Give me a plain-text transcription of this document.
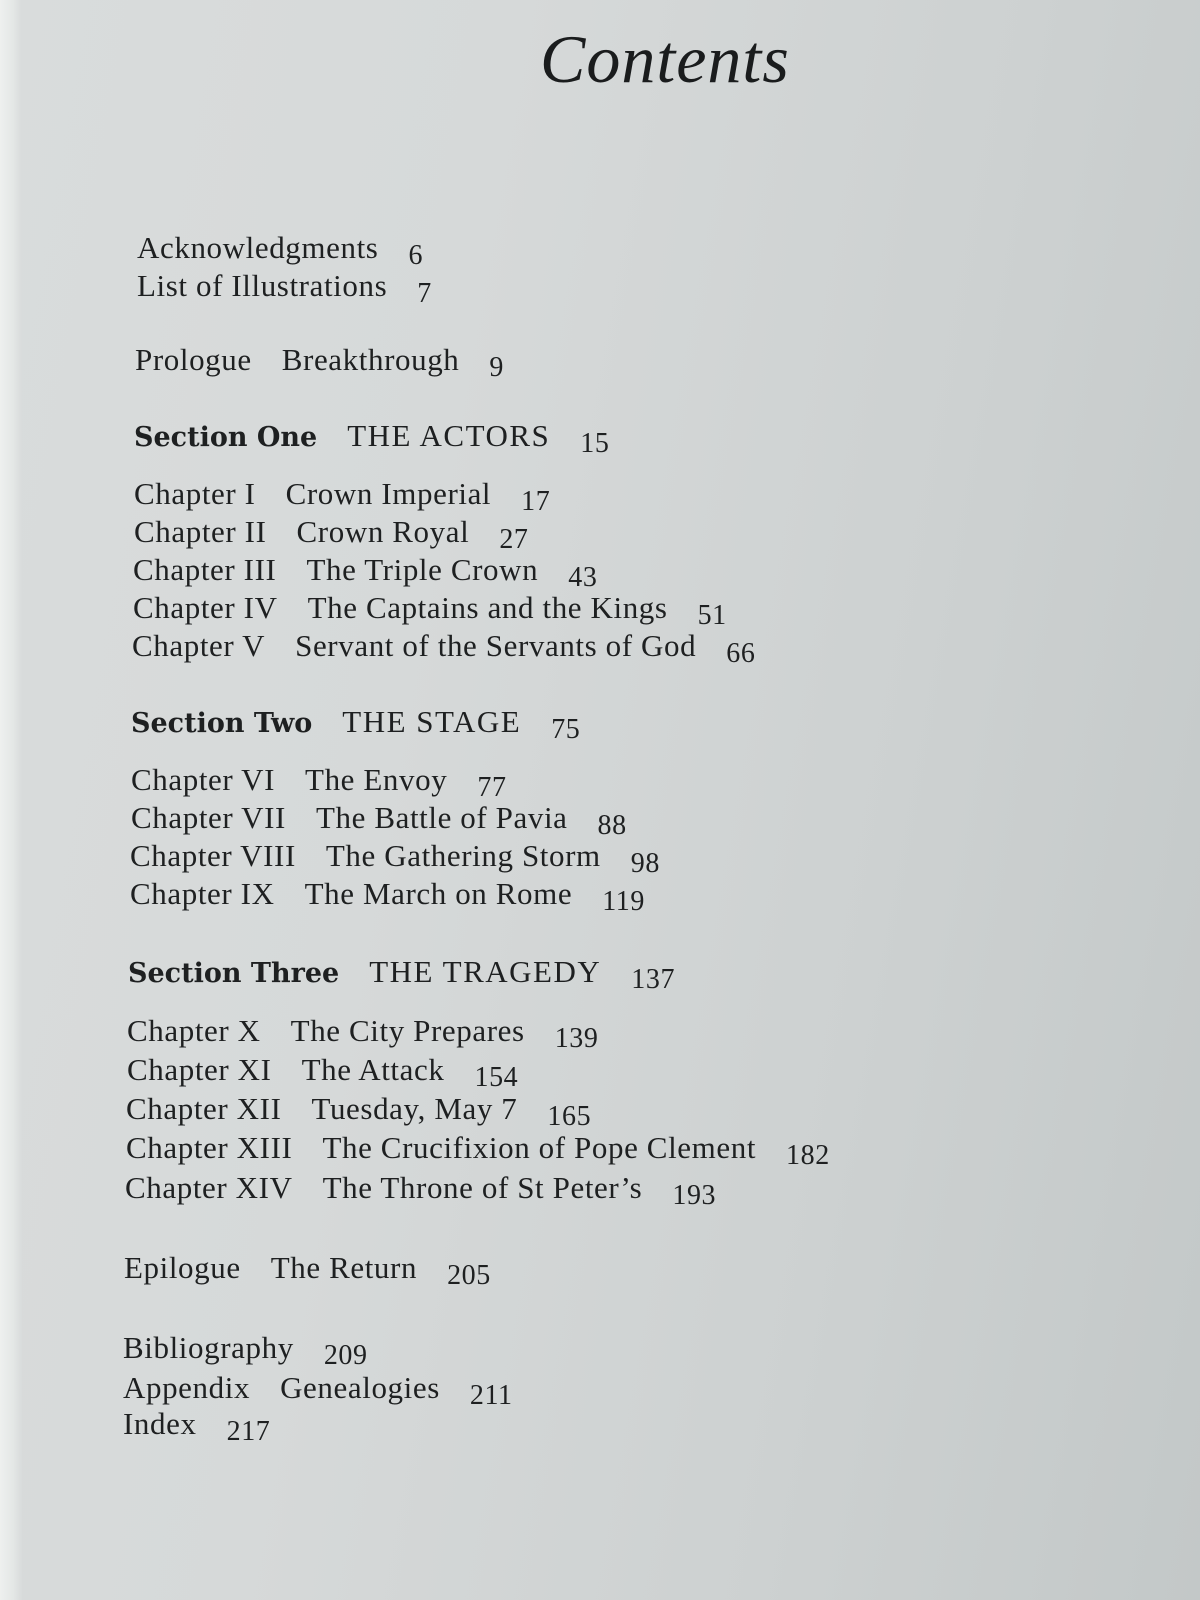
Contents
Acknowledgments 6
List of Illustrations 7
Prologue Breakthrough 9
Section One THE ACTORS 15
Chapter I Crown Imperial 17
Chapter II Crown Royal 27
Chapter III The Triple Crown 43
Chapter IV The Captains and the Kings 51
Chapter V Servant of the Servants of God 66
Section Two THE STAGE 75
Chapter VI The Envoy 77
Chapter VII The Battle of Pavia 88
Chapter VIII The Gathering Storm 98
Chapter IX The March on Rome 119
Section Three THE TRAGEDY 137
Chapter X The City Prepares 139
Chapter XI The Attack 154
Chapter XII Tuesday, May 7 165
Chapter XIII The Crucifixion of Pope Clement 182
Chapter XIV The Throne of St Peter’s 193
Epilogue The Return 205
Bibliography 209
Appendix Genealogies 211
Index 217
